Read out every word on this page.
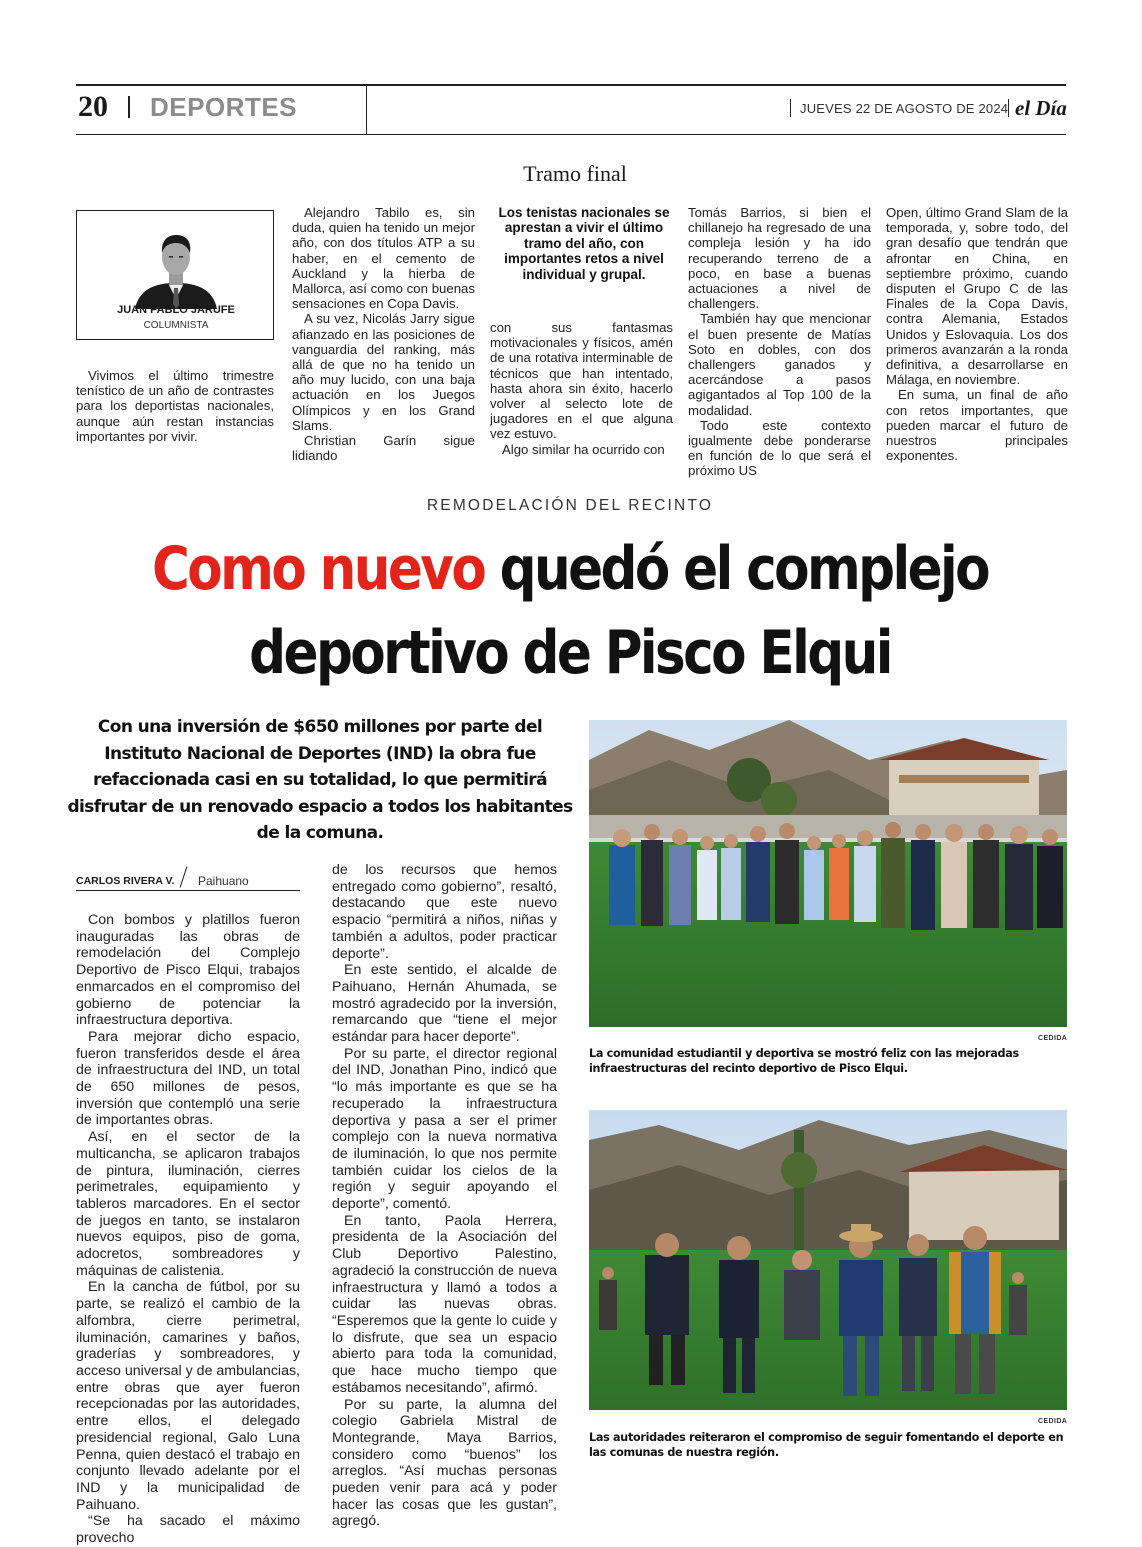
20 DEPORTES	JUEVES 22 DE AGOSTO DE 2024 el Día
Tramo final
JUAN PABLO JARUFE
COLUMNISTA

Vivimos el último trimestre tenístico de un año de contrastes para los deportistas nacionales, aunque aún restan instancias importantes por vivir.

Alejandro Tabilo es, sin duda, quien ha tenido un mejor año, con dos títulos ATP a su haber, en el cemento de Auckland y la hierba de Mallorca, así como con buenas sensaciones en Copa Davis.

A su vez, Nicolás Jarry sigue afianzado en las posiciones de vanguardia del ranking, más allá de que no ha tenido un año muy lucido, con una baja actuación en los Juegos Olímpicos y en los Grand Slams.

Christian Garín sigue lidiando

Los tenistas nacionales se aprestan a vivir el último tramo del año, con importantes retos a nivel individual y grupal.

con sus fantasmas motivacionales y físicos, amén de una rotativa interminable de técnicos que han intentado, hasta ahora sin éxito, hacerlo volver al selecto lote de jugadores en el que alguna vez estuvo.

Algo similar ha ocurrido con

Tomás Barrios, si bien el chillanejo ha regresado de una compleja lesión y ha ido recuperando terreno de a poco, en base a buenas actuaciones a nivel de challengers.

También hay que mencionar el buen presente de Matías Soto en dobles, con dos challengers ganados y acercándose a pasos agigantados al Top 100 de la modalidad.

Todo este contexto igualmente debe ponderarse en función de lo que será el próximo US

Open, último Grand Slam de la temporada, y, sobre todo, del gran desafío que tendrán que afrontar en China, en septiembre próximo, cuando disputen el Grupo C de las Finales de la Copa Davis, contra Alemania, Estados Unidos y Eslovaquia. Los dos primeros avanzarán a la ronda definitiva, a desarrollarse en Málaga, en noviembre.

En suma, un final de año con retos importantes, que pueden marcar el futuro de nuestros principales exponentes.

REMODELACIÓN DEL RECINTO
Como nuevo quedó el complejo
deportivo de Pisco Elqui
Con una inversión de $650 millones por parte del Instituto Nacional de Deportes (IND) la obra fue refaccionada casi en su totalidad, lo que permitirá disfrutar de un renovado espacio a todos los habitantes de la comuna.
CARLOS RIVERA V. Paihuano

Con bombos y platillos fueron inauguradas las obras de remodelación del Complejo Deportivo de Pisco Elqui, trabajos enmarcados en el compromiso del gobierno de potenciar la infraestructura deportiva.

Para mejorar dicho espacio, fueron transferidos desde el área de infraestructura del IND, un total de 650 millones de pesos, inversión que contempló una serie de importantes obras.

Así, en el sector de la multicancha, se aplicaron trabajos de pintura, iluminación, cierres perimetrales, equipamiento y tableros marcadores. En el sector de juegos en tanto, se instalaron nuevos equipos, piso de goma, adocretos, sombreadores y máquinas de calistenia.

En la cancha de fútbol, por su parte, se realizó el cambio de la alfombra, cierre perimetral, iluminación, camarines y baños, graderías y sombreadores, y acceso universal y de ambulancias, entre obras que ayer fueron recepcionadas por las autoridades, entre ellos, el delegado presidencial regional, Galo Luna Penna, quien destacó el trabajo en conjunto llevado adelante por el IND y la municipalidad de Paihuano.

“Se ha sacado el máximo provecho

de los recursos que hemos entregado como gobierno”, resaltó, destacando que este nuevo espacio “permitirá a niños, niñas y también a adultos, poder practicar deporte”.

En este sentido, el alcalde de Paihuano, Hernán Ahumada, se mostró agradecido por la inversión, remarcando que “tiene el mejor estándar para hacer deporte”.

Por su parte, el director regional del IND, Jonathan Pino, indicó que “lo más importante es que se ha recuperado la infraestructura deportiva y pasa a ser el primer complejo con la nueva normativa de iluminación, lo que nos permite también cuidar los cielos de la región y seguir apoyando el deporte”, comentó.

En tanto, Paola Herrera, presidenta de la Asociación del Club Deportivo Palestino, agradeció la construcción de nueva infraestructura y llamó a todos a cuidar las nuevas obras. “Esperemos que la gente lo cuide y lo disfrute, que sea un espacio abierto para toda la comunidad, que hace mucho tiempo que estábamos necesitando”, afirmó.

Por su parte, la alumna del colegio Gabriela Mistral de Montegrande, Maya Barrios, considero como “buenos” los arreglos. “Así muchas personas pueden venir para acá y poder hacer las cosas que les gustan”, agregó.

CEDIDA
La comunidad estudiantil y deportiva se mostró feliz con las mejoradas infraestructuras del recinto deportivo de Pisco Elqui.
CEDIDA
Las autoridades reiteraron el compromiso de seguir fomentando el deporte en las comunas de nuestra región.
